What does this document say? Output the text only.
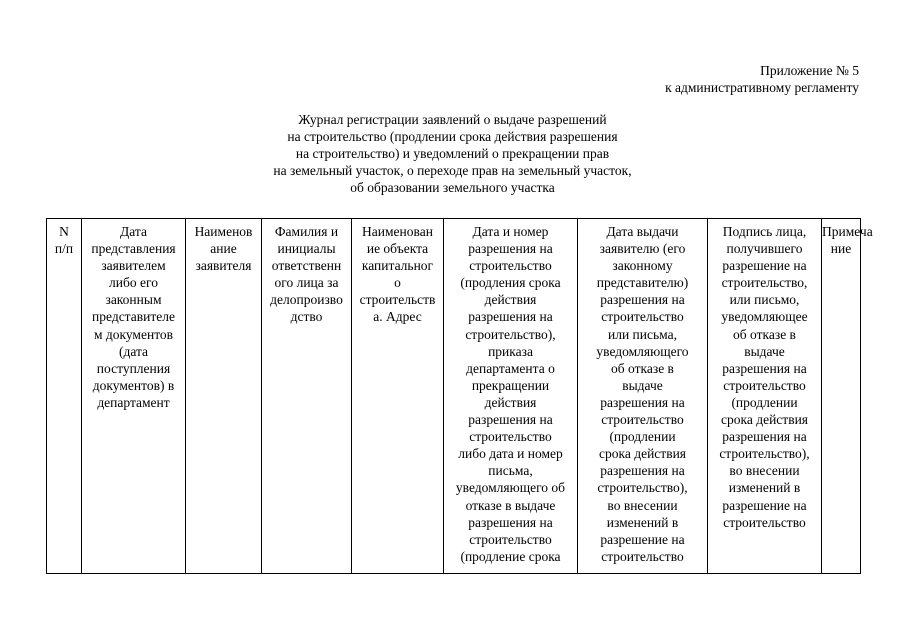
Приложение № 5
к административному регламенту
Журнал регистрации заявлений о выдаче разрешений
на строительство (продлении срока действия разрешения
на строительство) и уведомлений о прекращении прав
на земельный участок, о переходе прав на земельный участок,
об образовании земельного участка
N
п/п

Дата
представления
заявителем
либо его
законным
представителе
м документов
(дата
поступления
документов) в
департамент

Наименов
ание
заявителя

Фамилия и
инициалы
ответственн
ого лица за
делопроизво
дство

Наименован
ие объекта
капитальног
о
строительств
а. Адрес

Дата и номер
разрешения на
строительство
(продления срока
действия
разрешения на
строительство),
приказа
департамента о
прекращении
действия
разрешения на
строительство
либо дата и номер
письма,
уведомляющего об
отказе в выдаче
разрешения на
строительство
(продление срока

Дата выдачи
заявителю (его
законному
представителю)
разрешения на
строительство
или письма,
уведомляющего
об отказе в
выдаче
разрешения на
строительство
(продлении
срока действия
разрешения на
строительство),
во внесении
изменений в
разрешение на
строительство

Подпись лица,
получившего
разрешение на
строительство,
или письмо,
уведомляющее
об отказе в
выдаче
разрешения на
строительство
(продлении
срока действия
разрешения на
строительство),
во внесении
изменений в
разрешение на
строительство

Примеча
ние
